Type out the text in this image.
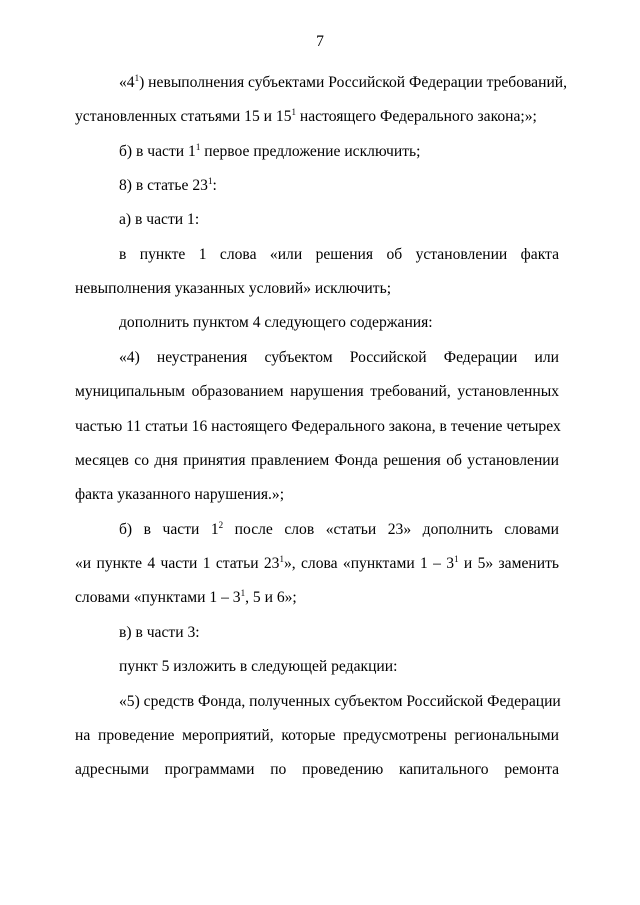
7
«$4^1$) невыполнения субъектами Российской Федерации требований,
установленных статьями 15 и $15^1$ настоящего Федерального закона;»;
б) в части $1^1$ первое предложение исключить;
8) в статье $23^1$:
а) в части 1:
в пункте 1 слова «или решения об установлении факта
невыполнения указанных условий» исключить;
дополнить пунктом 4 следующего содержания:
«4) неустранения субъектом Российской Федерации или
муниципальным образованием нарушения требований, установленных
частью 11 статьи 16 настоящего Федерального закона, в течение четырех
месяцев со дня принятия правлением Фонда решения об установлении
факта указанного нарушения.»;
б) в части $1^2$ после слов «статьи 23» дополнить словами
«и пункте 4 части 1 статьи $23^1$», слова «пунктами $1 - 3^1$ и 5» заменить
словами «пунктами $1 - 3^1$, 5 и 6»;
в) в части 3:
пункт 5 изложить в следующей редакции:
«5) средств Фонда, полученных субъектом Российской Федерации
на проведение мероприятий, которые предусмотрены региональными
адресными программами по проведению капитального ремонта
